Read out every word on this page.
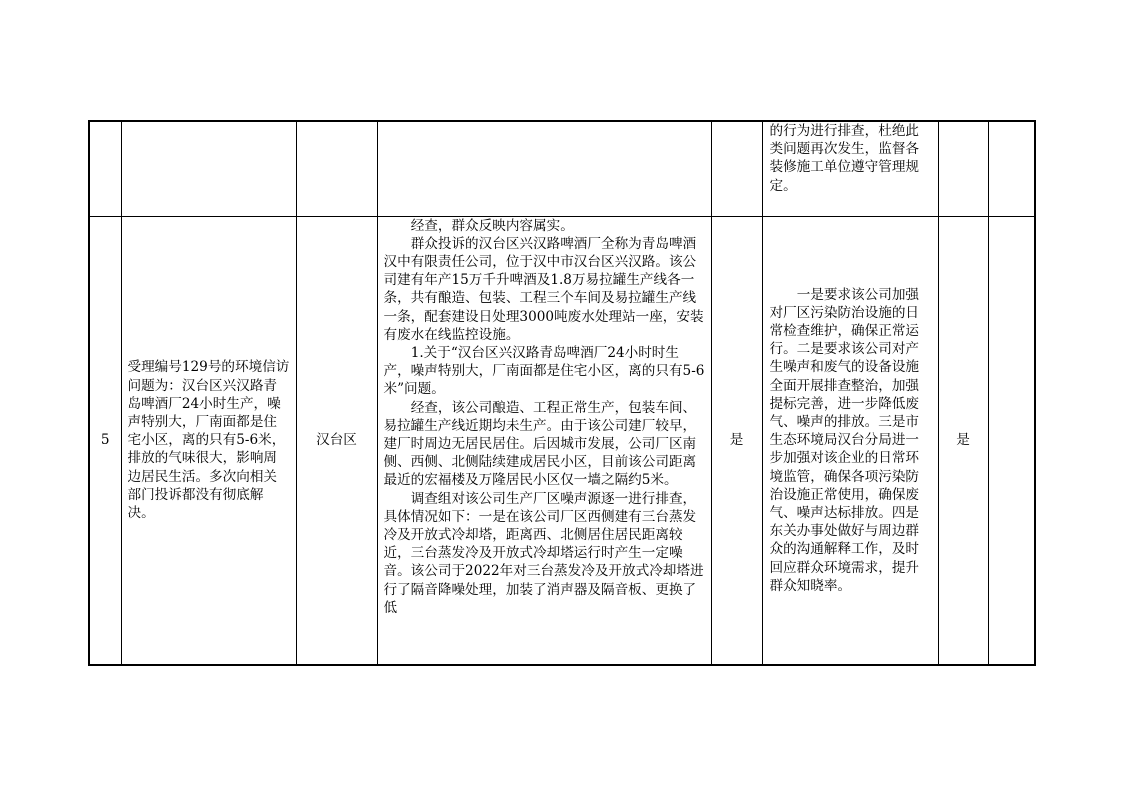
					的行为进行排查，杜绝此类问题再次发生，监督各装修施工单位遵守管理规定。		

5	受理编号129号的环境信访问题为：汉台区兴汉路青岛啤酒厂24小时生产，噪声特别大，厂南面都是住宅小区，离的只有5-6米，排放的气味很大，影响周边居民生活。多次向相关部门投诉都没有彻底解决。	汉台区	经查，群众反映内容属实。

群众投诉的汉台区兴汉路啤酒厂全称为青岛啤酒汉中有限责任公司，位于汉中市汉台区兴汉路。该公司建有年产15万千升啤酒及1.8万易拉罐生产线各一条，共有酿造、包装、工程三个车间及易拉罐生产线一条，配套建设日处理3000吨废水处理站一座，安装有废水在线监控设施。

1.关于“汉台区兴汉路青岛啤酒厂24小时时生产，噪声特别大，厂南面都是住宅小区，离的只有5-6米”问题。

经查，该公司酿造、工程正常生产，包装车间、易拉罐生产线近期均未生产。由于该公司建厂较早，建厂时周边无居民居住。后因城市发展，公司厂区南侧、西侧、北侧陆续建成居民小区，目前该公司距离最近的宏福楼及万隆居民小区仅一墙之隔约5米。

调查组对该公司生产厂区噪声源逐一进行排查，具体情况如下：一是在该公司厂区西侧建有三台蒸发冷及开放式冷却塔，距离西、北侧居住居民距离较近，三台蒸发冷及开放式冷却塔运行时产生一定噪音。该公司于2022年对三台蒸发冷及开放式冷却塔进行了隔音降噪处理，加装了消声器及隔音板、更换了低	是	一是要求该公司加强对厂区污染防治设施的日常检查维护，确保正常运行。二是要求该公司对产生噪声和废气的设备设施全面开展排查整治，加强提标完善，进一步降低废气、噪声的排放。三是市生态环境局汉台分局进一步加强对该企业的日常环境监管，确保各项污染防治设施正常使用，确保废气、噪声达标排放。四是东关办事处做好与周边群众的沟通解释工作，及时回应群众环境需求，提升群众知晓率。	是	
